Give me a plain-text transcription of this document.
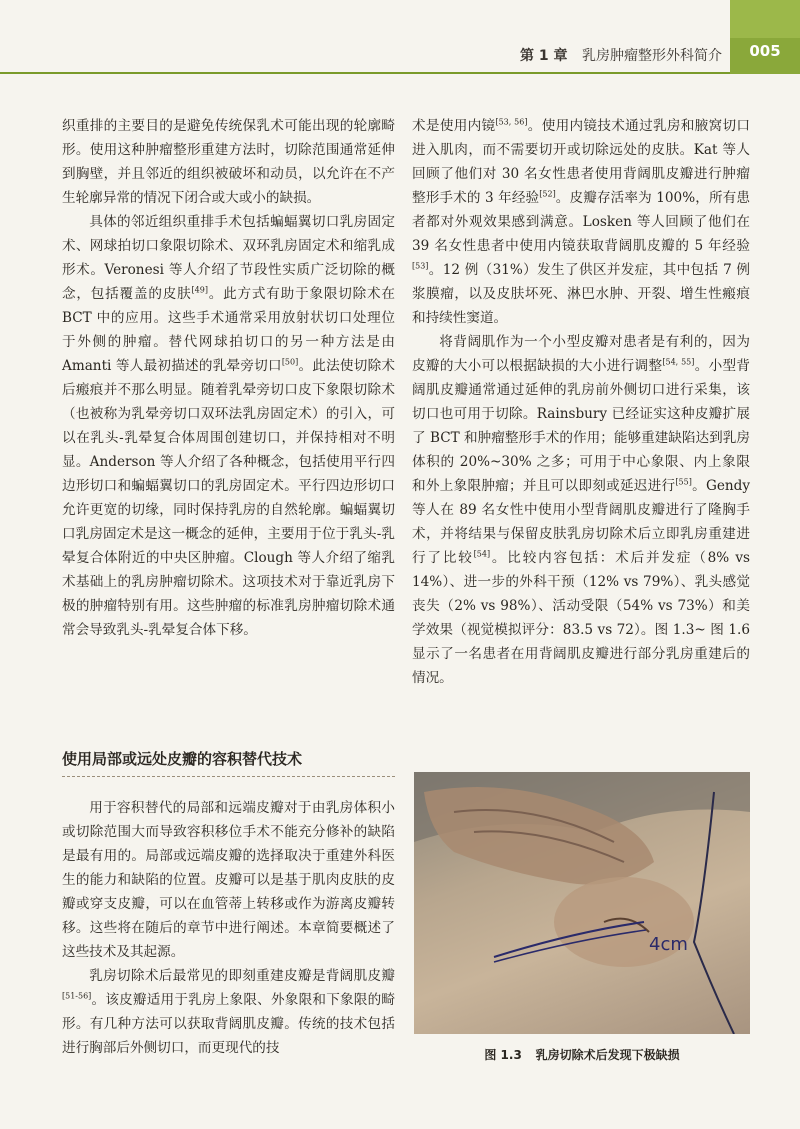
005
第 1 章 乳房肿瘤整形外科简介

织重排的主要目的是避免传统保乳术可能出现的轮廓畸形。使用这种肿瘤整形重建方法时，切除范围通常延伸到胸壁，并且邻近的组织被破坏和动员，以允许在不产生轮廓异常的情况下闭合或大或小的缺损。

具体的邻近组织重排手术包括蝙蝠翼切口乳房固定术、网球拍切口象限切除术、双环乳房固定术和缩乳成形术。Veronesi 等人介绍了节段性实质广泛切除的概念，包括覆盖的皮肤[49]。此方式有助于象限切除术在 BCT 中的应用。这些手术通常采用放射状切口处理位于外侧的肿瘤。替代网球拍切口的另一种方法是由 Amanti 等人最初描述的乳晕旁切口[50]。此法使切除术后瘢痕并不那么明显。随着乳晕旁切口皮下象限切除术（也被称为乳晕旁切口双环法乳房固定术）的引入，可以在乳头-乳晕复合体周围创建切口，并保持相对不明显。Anderson 等人介绍了各种概念，包括使用平行四边形切口和蝙蝠翼切口的乳房固定术。平行四边形切口允许更宽的切缘，同时保持乳房的自然轮廓。蝙蝠翼切口乳房固定术是这一概念的延伸，主要用于位于乳头-乳晕复合体附近的中央区肿瘤。Clough 等人介绍了缩乳术基础上的乳房肿瘤切除术。这项技术对于靠近乳房下极的肿瘤特别有用。这些肿瘤的标准乳房肿瘤切除术通常会导致乳头-乳晕复合体下移。

使用局部或远处皮瓣的容积替代技术

用于容积替代的局部和远端皮瓣对于由乳房体积小或切除范围大而导致容积移位手术不能充分修补的缺陷是最有用的。局部或远端皮瓣的选择取决于重建外科医生的能力和缺陷的位置。皮瓣可以是基于肌肉皮肤的皮瓣或穿支皮瓣，可以在血管蒂上转移或作为游离皮瓣转移。这些将在随后的章节中进行阐述。本章简要概述了这些技术及其起源。

乳房切除术后最常见的即刻重建皮瓣是背阔肌皮瓣[51-56]。该皮瓣适用于乳房上象限、外象限和下象限的畸形。有几种方法可以获取背阔肌皮瓣。传统的技术包括进行胸部后外侧切口，而更现代的技

术是使用内镜[53, 56]。使用内镜技术通过乳房和腋窝切口进入肌肉，而不需要切开或切除远处的皮肤。Kat 等人回顾了他们对 30 名女性患者使用背阔肌皮瓣进行肿瘤整形手术的 3 年经验[52]。皮瓣存活率为 100%，所有患者都对外观效果感到满意。Losken 等人回顾了他们在 39 名女性患者中使用内镜获取背阔肌皮瓣的 5 年经验[53]。12 例（31%）发生了供区并发症，其中包括 7 例浆膜瘤，以及皮肤坏死、淋巴水肿、开裂、增生性瘢痕和持续性窦道。

将背阔肌作为一个小型皮瓣对患者是有利的，因为皮瓣的大小可以根据缺损的大小进行调整[54, 55]。小型背阔肌皮瓣通常通过延伸的乳房前外侧切口进行采集，该切口也可用于切除。Rainsbury 已经证实这种皮瓣扩展了 BCT 和肿瘤整形手术的作用；能够重建缺陷达到乳房体积的 20%~30% 之多；可用于中心象限、内上象限和外上象限肿瘤；并且可以即刻或延迟进行[55]。Gendy 等人在 89 名女性中使用小型背阔肌皮瓣进行了隆胸手术，并将结果与保留皮肤乳房切除术后立即乳房重建进行了比较[54]。比较内容包括：术后并发症（8% vs 14%）、进一步的外科干预（12% vs 79%）、乳头感觉丧失（2% vs 98%）、活动受限（54% vs 73%）和美学效果（视觉模拟评分：83.5 vs 72）。图 1.3~ 图 1.6 显示了一名患者在用背阔肌皮瓣进行部分乳房重建后的情况。

4cm
图 1.3 乳房切除术后发现下极缺损
